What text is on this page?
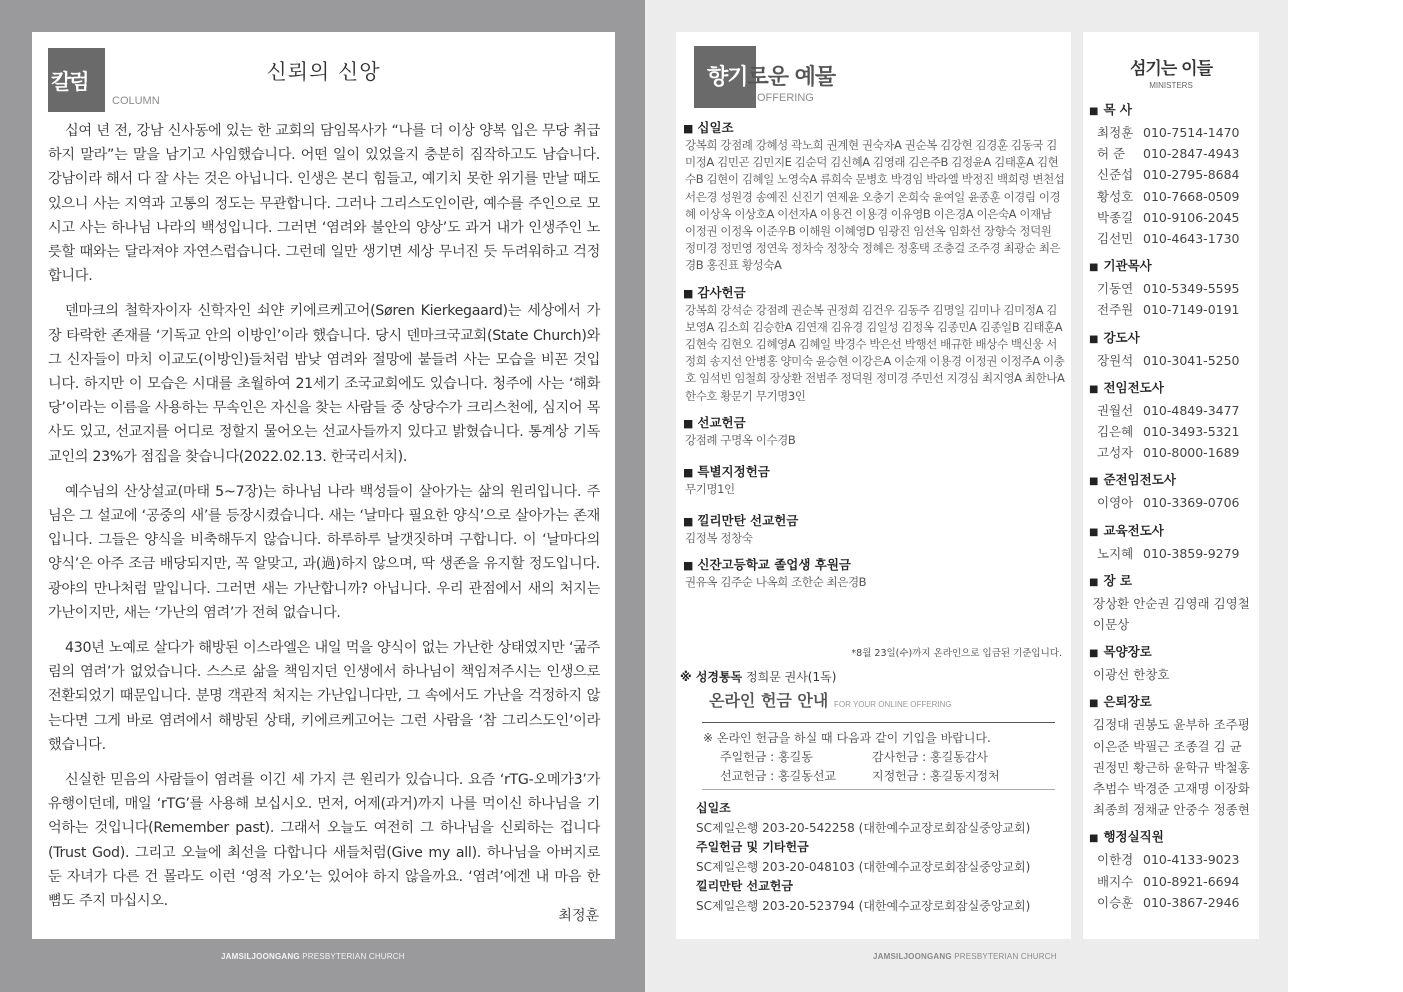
칼럼
COLUMN
신뢰의 신앙

십여 년 전, 강남 신사동에 있는 한 교회의 담임목사가 “나를 더 이상 양복 입은 무당 취급하지 말라”는 말을 남기고 사임했습니다. 어떤 일이 있었을지 충분히 짐작하고도 남습니다. 강남이라 해서 다 잘 사는 것은 아닙니다. 인생은 본디 힘들고, 예기치 못한 위기를 만날 때도 있으니 사는 지역과 고통의 정도는 무관합니다. 그러나 그리스도인이란, 예수를 주인으로 모시고 사는 하나님 나라의 백성입니다. 그러면 ‘염려와 불안의 양상’도 과거 내가 인생주인 노릇할 때와는 달라져야 자연스럽습니다. 그런데 일만 생기면 세상 무너진 듯 두려워하고 걱정합니다.

덴마크의 철학자이자 신학자인 쇠얀 키에르케고어(Søren Kierkegaard)는 세상에서 가장 타락한 존재를 ‘기독교 안의 이방인’이라 했습니다. 당시 덴마크국교회(State Church)와 그 신자들이 마치 이교도(이방인)들처럼 밤낮 염려와 절망에 붙들려 사는 모습을 비꼰 것입니다. 하지만 이 모습은 시대를 초월하여 21세기 조국교회에도 있습니다. 청주에 사는 ‘해화당’이라는 이름을 사용하는 무속인은 자신을 찾는 사람들 중 상당수가 크리스천에, 심지어 목사도 있고, 선교지를 어디로 정할지 물어오는 선교사들까지 있다고 밝혔습니다. 통계상 기독교인의 23%가 점집을 찾습니다(2022.02.13. 한국리서치).

예수님의 산상설교(마태 5~7장)는 하나님 나라 백성들이 살아가는 삶의 원리입니다. 주님은 그 설교에 ‘공중의 새’를 등장시켰습니다. 새는 ‘날마다 필요한 양식’으로 살아가는 존재입니다. 그들은 양식을 비축해두지 않습니다. 하루하루 날갯짓하며 구합니다. 이 ‘날마다의 양식’은 아주 조금 배당되지만, 꼭 알맞고, 과(過)하지 않으며, 딱 생존을 유지할 정도입니다. 광야의 만나처럼 말입니다. 그러면 새는 가난합니까? 아닙니다. 우리 관점에서 새의 처지는 가난이지만, 새는 ‘가난의 염려’가 전혀 없습니다.

430년 노예로 살다가 해방된 이스라엘은 내일 먹을 양식이 없는 가난한 상태였지만 ‘굶주림의 염려’가 없었습니다. 스스로 삶을 책임지던 인생에서 하나님이 책임져주시는 인생으로 전환되었기 때문입니다. 분명 객관적 처지는 가난입니다만, 그 속에서도 가난을 걱정하지 않는다면 그게 바로 염려에서 해방된 상태, 키에르케고어는 그런 사람을 ‘참 그리스도인’이라 했습니다.

신실한 믿음의 사람들이 염려를 이긴 세 가지 큰 원리가 있습니다. 요즘 ‘rTG-오메가3’가 유행이던데, 매일 ‘rTG’를 사용해 보십시오. 먼저, 어제(과거)까지 나를 먹이신 하나님을 기억하는 것입니다(Remember past). 그래서 오늘도 여전히 그 하나님을 신뢰하는 겁니다(Trust God). 그리고 오늘에 최선을 다합니다 새들처럼(Give my all). 하나님을 아버지로 둔 자녀가 다른 건 몰라도 이런 ‘영적 가오’는 있어야 하지 않을까요. ‘염려’에겐 내 마음 한 뼘도 주지 마십시오.

최정훈
JAMSILJOONGANG PRESBYTERIAN CHURCH
향기로운 예물
OFFERING
■ 십일조
강복희 강점례 강혜성 곽노희 권계현 권숙자A 권순복 김강현 김경훈 김동국 김미정A 김민곤 김민지E 김순덕 김신혜A 김영래 김은주B 김정윤A 김태훈A 김현수B 김현이 김혜일 노영숙A 류희숙 문병호 박경임 박라엘 박정진 백희령 변천섭 서은경 성원경 송예진 신진기 연제윤 오충기 온희숙 윤여일 윤종훈 이경림 이경혜 이상옥 이상호A 이선자A 이용건 이용경 이유영B 이은경A 이은숙A 이재남 이정권 이정옥 이준우B 이해원 이혜영D 임광진 임선옥 임화선 장향숙 정덕원 정미경 정민영 정연욱 정차숙 정창숙 정혜은 정홍택 조충걸 조주경 최광순 최은경B 홍진표 황성숙A
■ 감사헌금
강복희 강석순 강점례 권순복 권정희 김건우 김동주 김명일 김미나 김미정A 김보영A 김소희 김승한A 김연재 김유경 김일성 김정옥 김종민A 김종일B 김태훈A 김현숙 김현오 김혜영A 김혜일 박경수 박은선 박행선 배규한 배상수 백신웅 서정희 송지선 안병홍 양미숙 윤승현 이강은A 이순재 이용경 이정권 이정주A 이충호 임석빈 임철희 장상환 전범주 정덕원 정미경 주민선 지경심 최지영A 최한나A 한수호 황문기 무기명3인
■ 선교헌금
강점례 구명옥 이수경B
■ 특별지정헌금
무기명1인
■ 낄리만탄 선교헌금
김정복 정창숙
■ 신잔고등학교 졸업생 후원금
권유옥 김주순 나옥희 조한순 최은경B
*8월 23일(수)까지 온라인으로 입금된 기준입니다.
※ 성경통독 정희문 권사(1독)
온라인 헌금 안내 FOR YOUR ONLINE OFFERING
※ 온라인 헌금을 하실 때 다음과 같이 기입을 바랍니다.
주일헌금 : 홍길동	감사헌금 : 홍길동감사
선교헌금 : 홍길동선교	지정헌금 : 홍길동지정처
십일조
SC제일은행 203-20-542258 (대한예수교장로회잠실중앙교회)
주일헌금 및 기타헌금
SC제일은행 203-20-048103 (대한예수교장로회잠실중앙교회)
낄리만탄 선교헌금
SC제일은행 203-20-523794 (대한예수교장로회잠실중앙교회)
섬기는 이들
MINISTERS
■ 목 사
최정훈 010-7514-1470
허 준 010-2847-4943
신준섭 010-2795-8684
황성호 010-7668-0509
박종길 010-9106-2045
김선민 010-4643-1730
■ 기관목사
기동연 010-5349-5595
전주원 010-7149-0191
■ 강도사
장원석 010-3041-5250
■ 전임전도사
권월선 010-4849-3477
김은혜 010-3493-5321
고성자 010-8000-1689
■ 준전임전도사
이영아 010-3369-0706
■ 교육전도사
노지혜 010-3859-9279
■ 장 로
장상환 안순권 김영래 김영철
이문상
■ 목양장로
이광선 한창호
■ 은퇴장로
김정대 권봉도 윤부하 조주평
이은준 박필근 조종걸 김 균
권정민 황근하 윤학규 박철홍
추범수 박경준 고재명 이장화
최종희 정채균 안중수 정종현
■ 행정실직원
이한경 010-4133-9023
배지수 010-8921-6694
이승훈 010-3867-2946
JAMSILJOONGANG PRESBYTERIAN CHURCH
